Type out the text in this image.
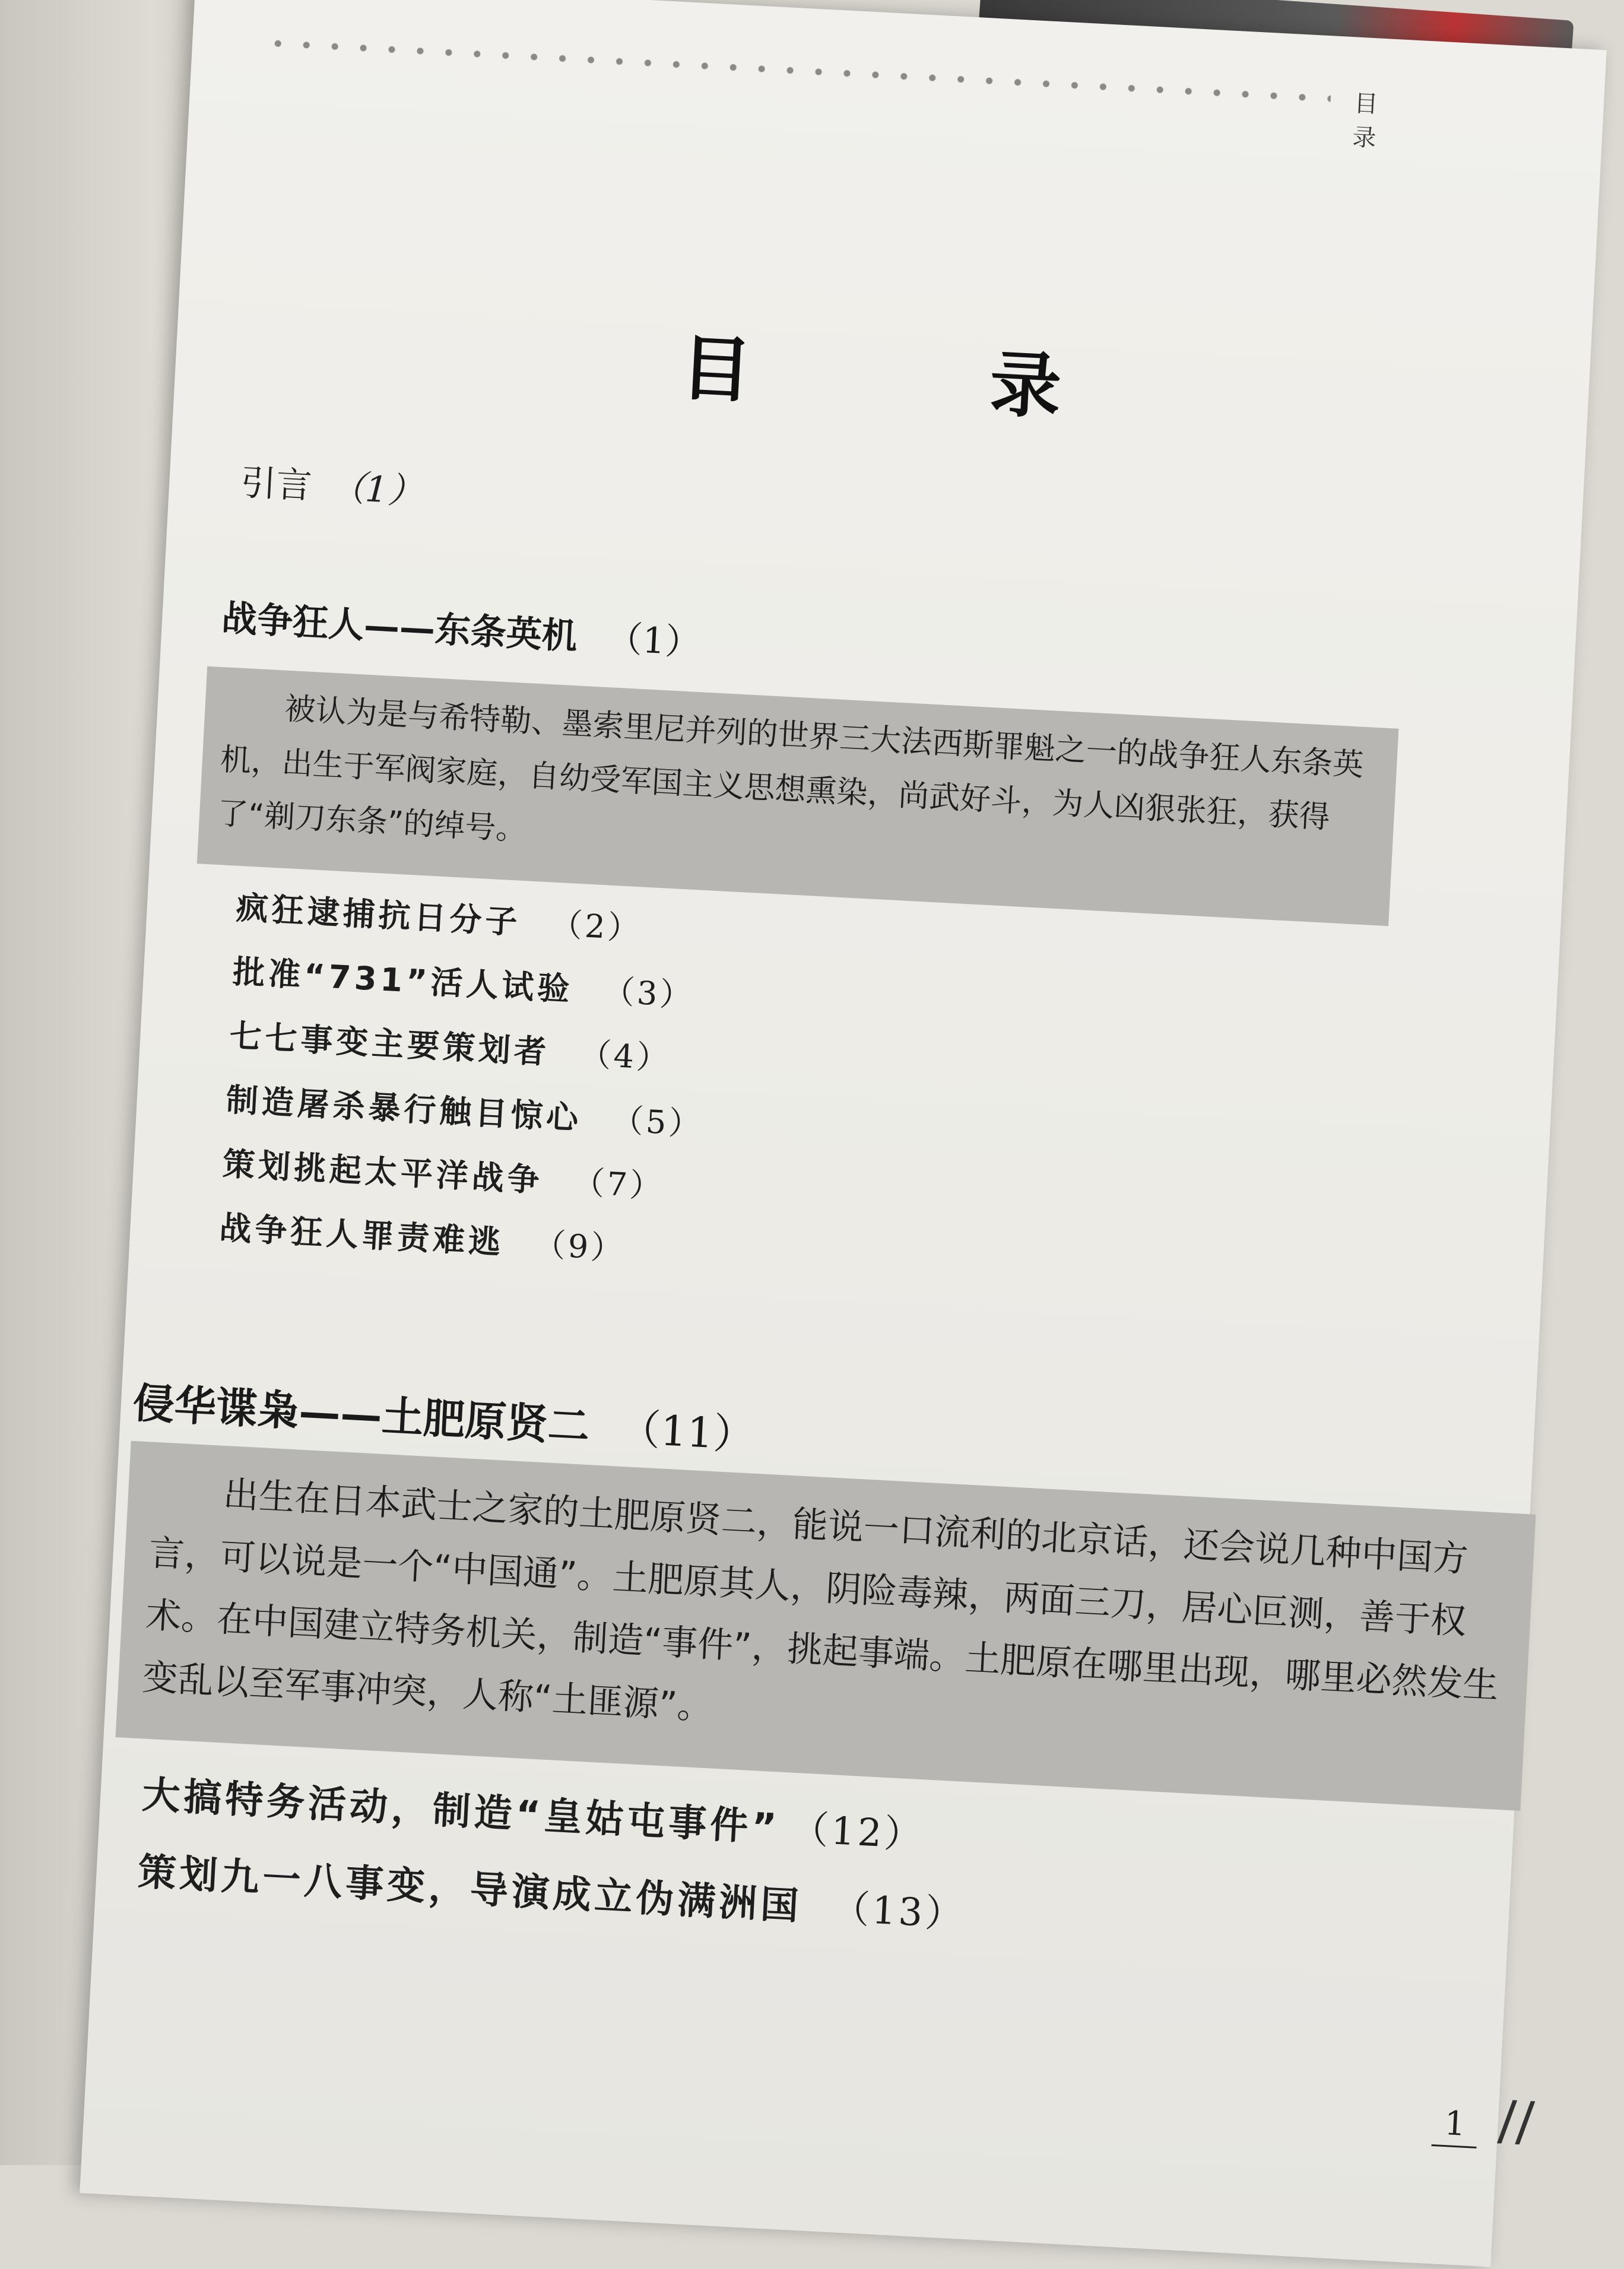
目 录
目 录
引言 （1）
战争狂人——东条英机 （1）
被认为是与希特勒、墨索里尼并列的世界三大法西斯罪魁之一的战争狂人东条英机，出生于军阀家庭，自幼受军国主义思想熏染，尚武好斗，为人凶狠张狂，获得了“剃刀东条”的绰号。
疯狂逮捕抗日分子 （2）
批准“731”活人试验 （3）
七七事变主要策划者 （4）
制造屠杀暴行触目惊心 （5）
策划挑起太平洋战争 （7）
战争狂人罪责难逃 （9）
侵华谍枭——土肥原贤二 （11）
出生在日本武士之家的土肥原贤二，能说一口流利的北京话，还会说几种中国方言，可以说是一个“中国通”。土肥原其人，阴险毒辣，两面三刀，居心叵测，善于权术。在中国建立特务机关，制造“事件”，挑起事端。土肥原在哪里出现，哪里必然发生变乱以至军事冲突，人称“土匪源”。
大搞特务活动，制造“皇姑屯事件” （12）
策划九一八事变，导演成立伪满洲国 （13）
1 //
